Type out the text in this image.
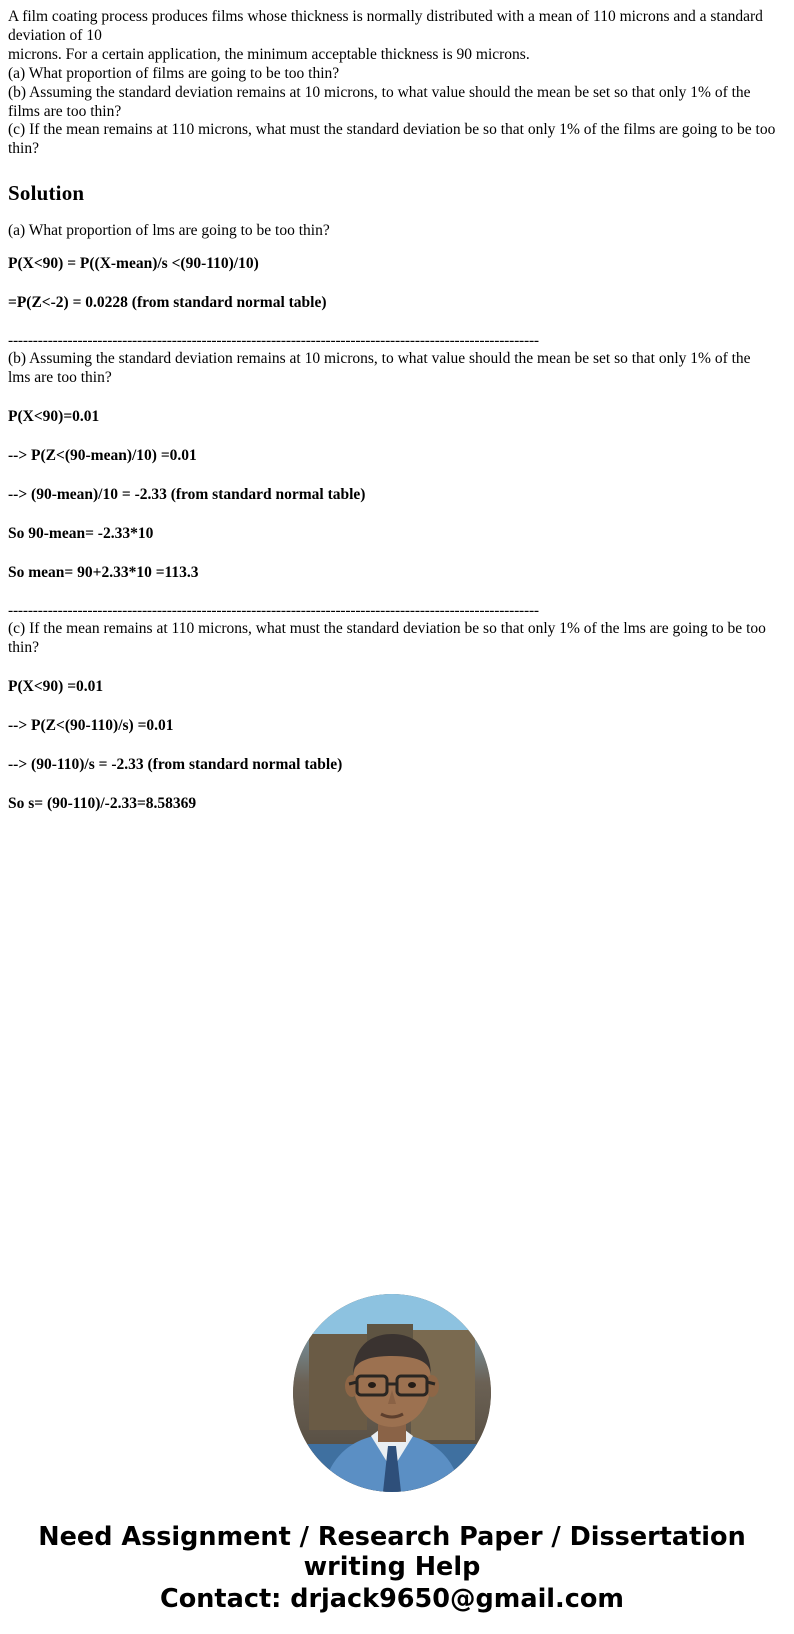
A film coating process produces films whose thickness is normally distributed with a mean of 110 microns and a standard deviation of 10
microns. For a certain application, the minimum acceptable thickness is 90 microns.
(a) What proportion of films are going to be too thin?
(b) Assuming the standard deviation remains at 10 microns, to what value should the mean be set so that only 1% of the films are too thin?
(c) If the mean remains at 110 microns, what must the standard deviation be so that only 1% of the films are going to be too thin?
Solution

(a) What proportion of lms are going to be too thin?

P(X<90) = P((X-mean)/s <(90-110)/10)

=P(Z<-2) = 0.0228 (from standard normal table)

-----------------------------------------------------------------------------------------------------------

(b) Assuming the standard deviation remains at 10 microns, to what value should the mean be set so that only 1% of the lms are too thin?

P(X<90)=0.01

--> P(Z<(90-mean)/10) =0.01

--> (90-mean)/10 = -2.33 (from standard normal table)

So 90-mean= -2.33*10

So mean= 90+2.33*10 =113.3

-----------------------------------------------------------------------------------------------------------

(c) If the mean remains at 110 microns, what must the standard deviation be so that only 1% of the lms are going to be too thin?

P(X<90) =0.01

--> P(Z<(90-110)/s) =0.01

--> (90-110)/s = -2.33 (from standard normal table)

So s= (90-110)/-2.33=8.58369

Need Assignment / Research Paper / Dissertation
writing Help
Contact: drjack9650@gmail.com
